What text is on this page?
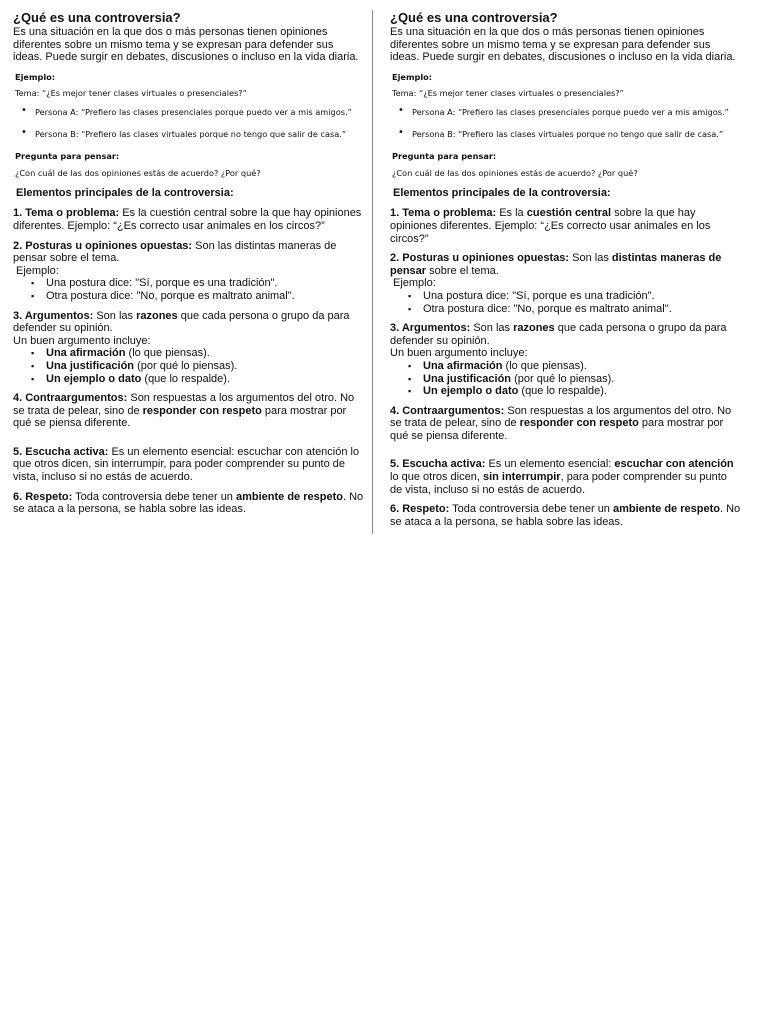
¿Qué es una controversia?

Es una situación en la que dos o más personas tienen opiniones diferentes sobre un mismo tema y se expresan para defender sus ideas. Puede surgir en debates, discusiones o incluso en la vida diaria.

Ejemplo:

Tema: “¿Es mejor tener clases virtuales o presenciales?”

• Persona A: “Prefiero las clases presenciales porque puedo ver a mis amigos.”
• Persona B: “Prefiero las clases virtuales porque no tengo que salir de casa.”

Pregunta para pensar:

¿Con cuál de las dos opiniones estás de acuerdo? ¿Por qué?

Elementos principales de la controversia:

1. Tema o problema: Es la cuestión central sobre la que hay opiniones diferentes. Ejemplo: “¿Es correcto usar animales en los circos?”
2. Posturas u opiniones opuestas: Son las distintas maneras de pensar sobre el tema.

Ejemplo:

▪ Una postura dice: "Sí, porque es una tradición".
▪ Otra postura dice: "No, porque es maltrato animal".
3. Argumentos: Son las razones que cada persona o grupo da para defender su opinión.

Un buen argumento incluye:

▪ Una afirmación (lo que piensas).
▪ Una justificación (por qué lo piensas).
▪ Un ejemplo o dato (que lo respalde).
4. Contraargumentos: Son respuestas a los argumentos del otro. No se trata de pelear, sino de responder con respeto para mostrar por qué se piensa diferente.
5. Escucha activa: Es un elemento esencial: escuchar con atención lo que otros dicen, sin interrumpir, para poder comprender su punto de vista, incluso si no estás de acuerdo.
6. Respeto: Toda controversia debe tener un ambiente de respeto. No se ataca a la persona, se habla sobre las ideas.
¿Qué es una controversia?

Es una situación en la que dos o más personas tienen opiniones diferentes sobre un mismo tema y se expresan para defender sus ideas. Puede surgir en debates, discusiones o incluso en la vida diaria.

Ejemplo:

Tema: “¿Es mejor tener clases virtuales o presenciales?”

• Persona A: “Prefiero las clases presenciales porque puedo ver a mis amigos.”
• Persona B: “Prefiero las clases virtuales porque no tengo que salir de casa.”

Pregunta para pensar:

¿Con cuál de las dos opiniones estás de acuerdo? ¿Por qué?

Elementos principales de la controversia:

1. Tema o problema: Es la cuestión central sobre la que hay opiniones diferentes. Ejemplo: “¿Es correcto usar animales en los circos?”
2. Posturas u opiniones opuestas: Son las distintas maneras de pensar sobre el tema.

Ejemplo:

▪ Una postura dice: "Sí, porque es una tradición".
▪ Otra postura dice: "No, porque es maltrato animal".
3. Argumentos: Son las razones que cada persona o grupo da para defender su opinión.

Un buen argumento incluye:

▪ Una afirmación (lo que piensas).
▪ Una justificación (por qué lo piensas).
▪ Un ejemplo o dato (que lo respalde).
4. Contraargumentos: Son respuestas a los argumentos del otro. No se trata de pelear, sino de responder con respeto para mostrar por qué se piensa diferente.
5. Escucha activa: Es un elemento esencial: escuchar con atención lo que otros dicen, sin interrumpir, para poder comprender su punto de vista, incluso si no estás de acuerdo.
6. Respeto: Toda controversia debe tener un ambiente de respeto. No se ataca a la persona, se habla sobre las ideas.
